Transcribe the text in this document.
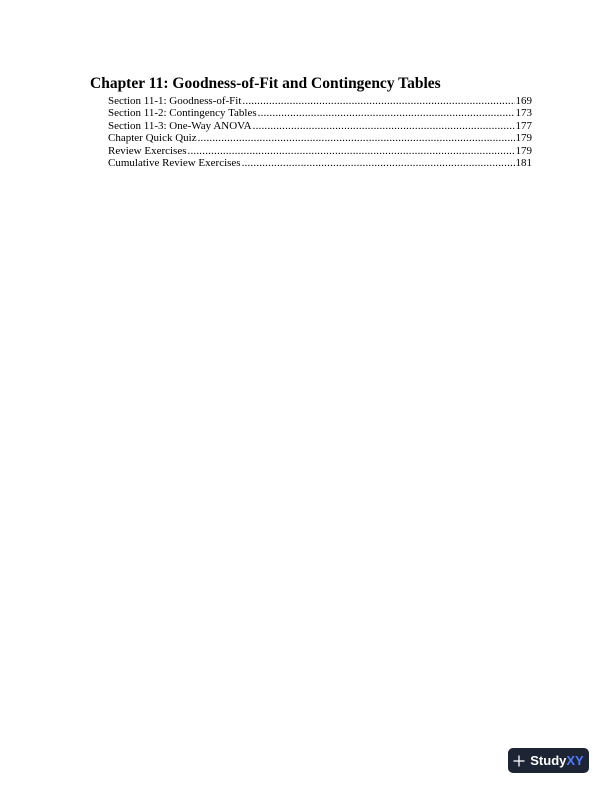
Chapter 11: Goodness-of-Fit and Contingency Tables
Section 11-1: Goodness-of-Fit .....	169
Section 11-2: Contingency Tables .....	173
Section 11-3: One-Way ANOVA .....	177
Chapter Quick Quiz .....	179
Review Exercises .....	179
Cumulative Review Exercises .....	181
StudyXY
